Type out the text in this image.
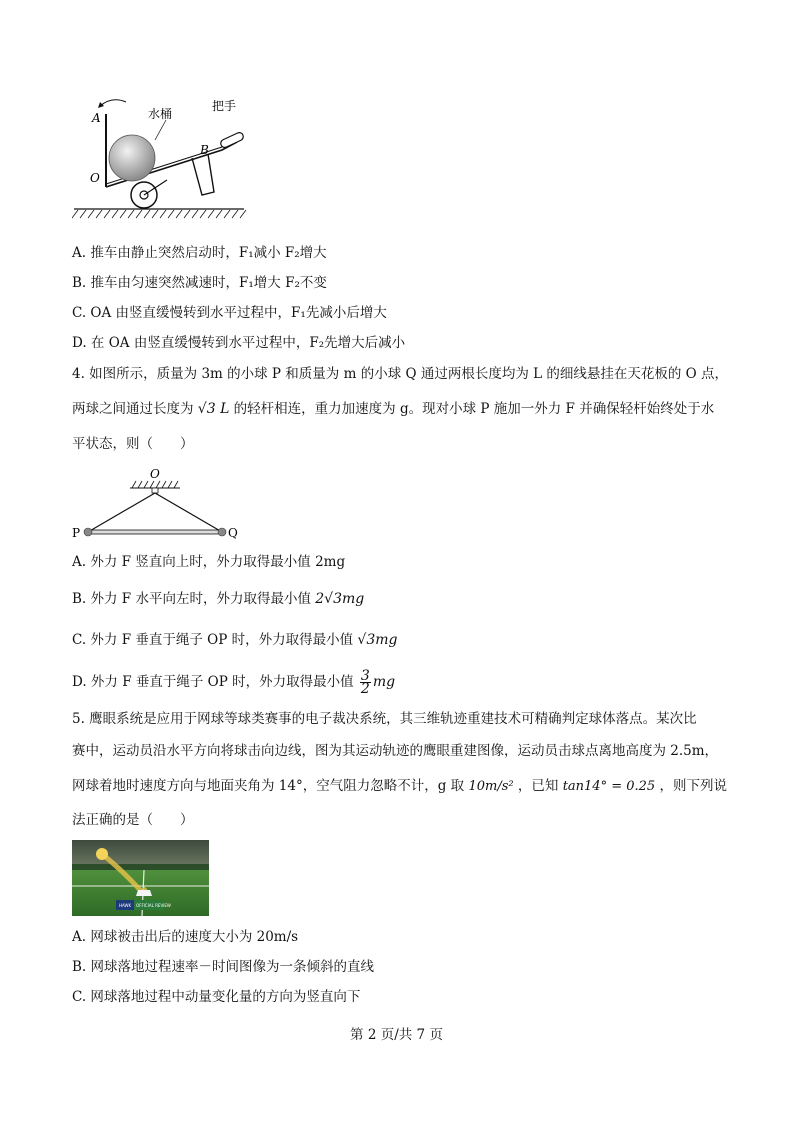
A
O
B
水桶
把手
A. 推车由静止突然启动时，F₁减小 F₂增大
B. 推车由匀速突然减速时，F₁增大 F₂不变
C. OA 由竖直缓慢转到水平过程中，F₁先减小后增大
D. 在 OA 由竖直缓慢转到水平过程中，F₂先增大后减小
4. 如图所示，质量为 3m 的小球 P 和质量为 m 的小球 Q 通过两根长度均为 L 的细线悬挂在天花板的 O 点，
两球之间通过长度为 √3 L 的轻杆相连，重力加速度为 g。现对小球 P 施加一外力 F 并确保轻杆始终处于水
平状态，则（　　）
O
P	Q
A. 外力 F 竖直向上时，外力取得最小值 2mg
B. 外力 F 水平向左时，外力取得最小值 2√3mg
C. 外力 F 垂直于绳子 OP 时，外力取得最小值 √3mg
D. 外力 F 垂直于绳子 OP 时，外力取得最小值 $\frac{3}{2}$ mg
5. 鹰眼系统是应用于网球等球类赛事的电子裁决系统，其三维轨迹重建技术可精确判定球体落点。某次比
赛中，运动员沿水平方向将球击向边线，图为其运动轨迹的鹰眼重建图像，运动员击球点离地高度为 2.5m，
网球着地时速度方向与地面夹角为 14°，空气阻力忽略不计，g 取 10m/s² ，已知 tan14° = 0.25 ，则下列说
法正确的是（　　）
HAWK OFFICIAL REVIEW
A. 网球被击出后的速度大小为 20m/s
B. 网球落地过程速率－时间图像为一条倾斜的直线
C. 网球落地过程中动量变化量的方向为竖直向下
第 2 页/共 7 页
